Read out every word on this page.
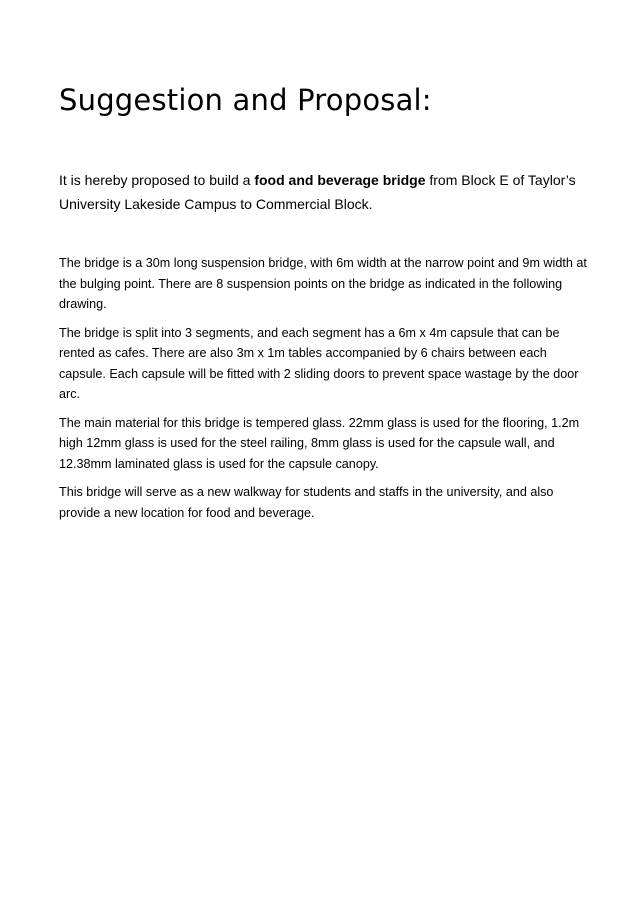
Suggestion and Proposal:

It is hereby proposed to build a food and beverage bridge from Block E of Taylor’s University Lakeside Campus to Commercial Block.

The bridge is a 30m long suspension bridge, with 6m width at the narrow point and 9m width at the bulging point. There are 8 suspension points on the bridge as indicated in the following drawing.

The bridge is split into 3 segments, and each segment has a 6m x 4m capsule that can be rented as cafes. There are also 3m x 1m tables accompanied by 6 chairs between each capsule. Each capsule will be fitted with 2 sliding doors to prevent space wastage by the door arc.

The main material for this bridge is tempered glass. 22mm glass is used for the flooring, 1.2m high 12mm glass is used for the steel railing, 8mm glass is used for the capsule wall, and 12.38mm laminated glass is used for the capsule canopy.

This bridge will serve as a new walkway for students and staffs in the university, and also provide a new location for food and beverage.
